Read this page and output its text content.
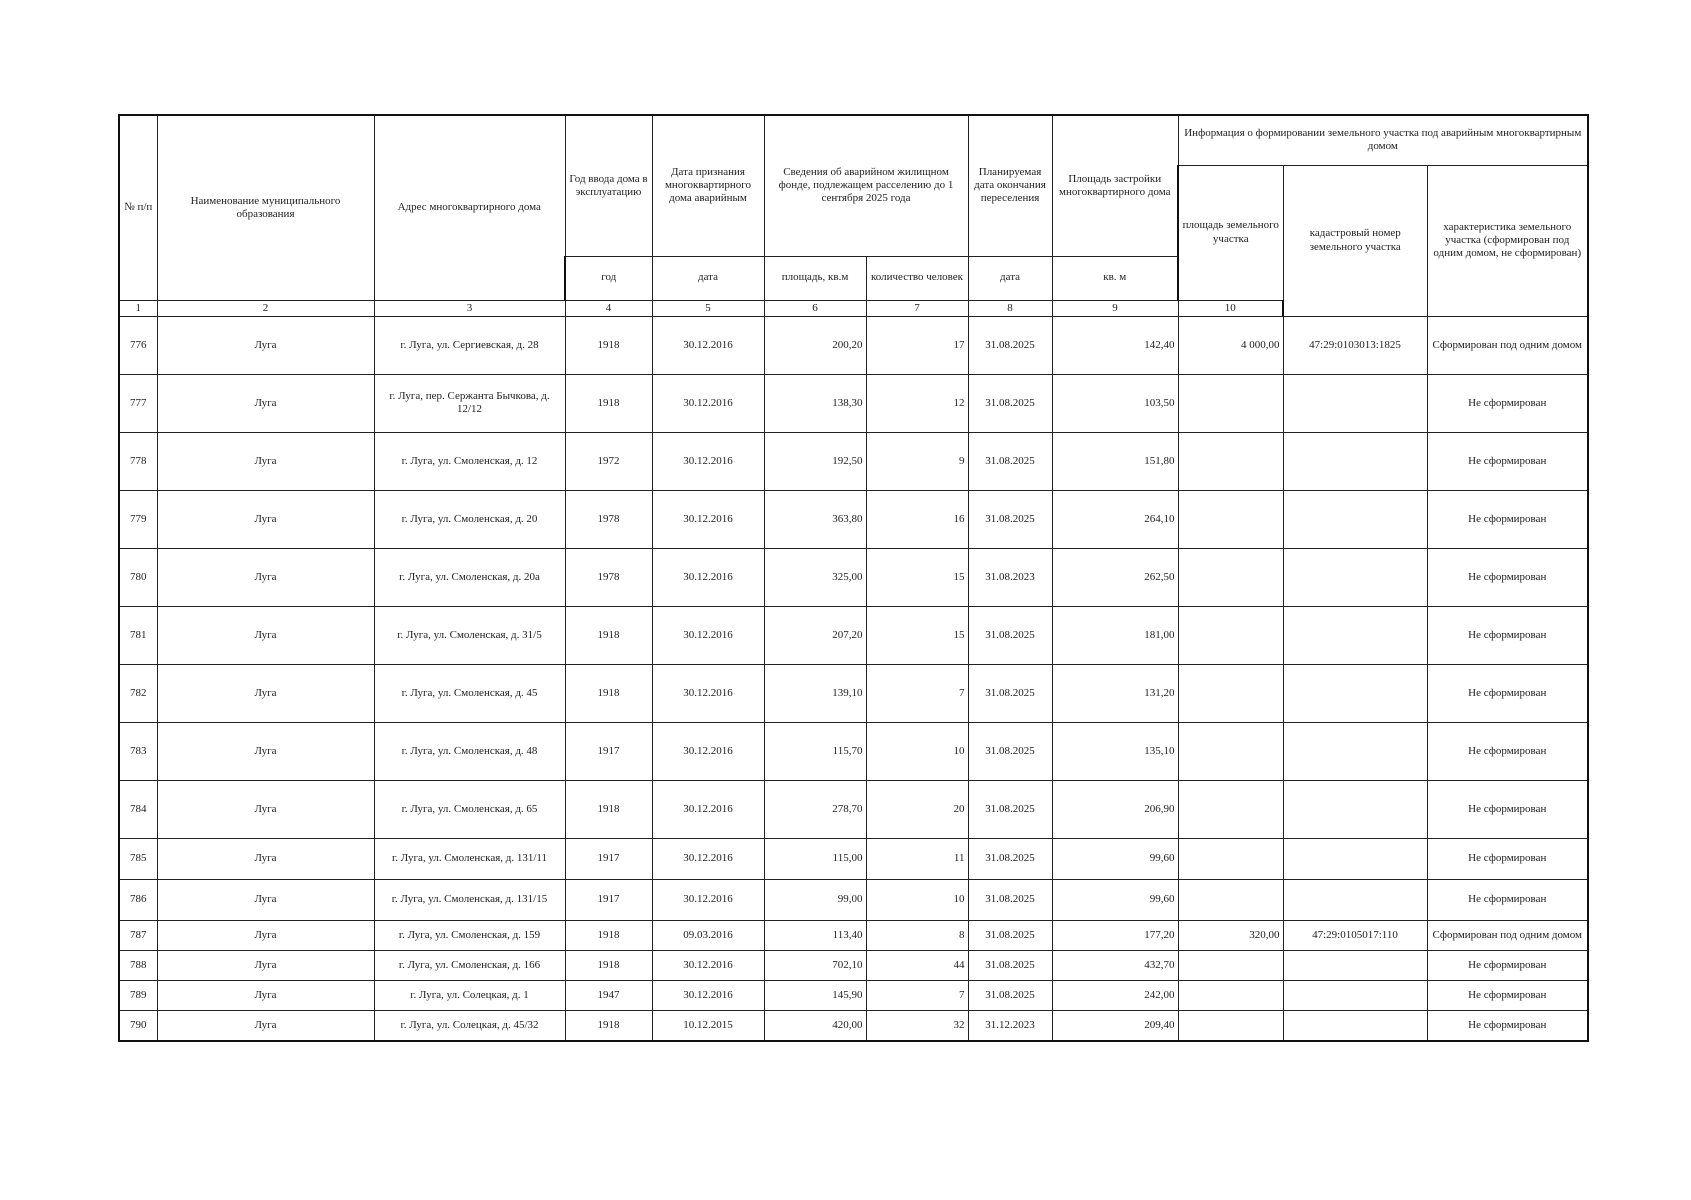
№ п/п	Наименование муниципального образования	Адрес многоквартирного дома	Год ввода дома в эксплуатацию	Дата признания многоквартирного дома аварийным	Сведения об аварийном жилищном фонде, подлежащем расселению до 1 сентября 2025 года		Планируемая дата окончания переселения	Площадь застройки многоквартирного дома	Информация о формировании земельного участка под аварийным многоквартирным домом		
									площадь земельного участка	кадастровый номер земельного участка	характеристика земельного участка (сформирован под одним домом, не сформирован)
			год	дата	площадь, кв.м	количество человек	дата	кв. м			
1	2	3	4	5	6	7	8	9	10		
776	Луга	г. Луга, ул. Сергиевская, д. 28	1918	30.12.2016	200,20	17	31.08.2025	142,40	4 000,00	47:29:0103013:1825	Сформирован под одним домом
777	Луга	г. Луга, пер. Сержанта Бычкова, д. 12/12	1918	30.12.2016	138,30	12	31.08.2025	103,50			Не сформирован
778	Луга	г. Луга, ул. Смоленская, д. 12	1972	30.12.2016	192,50	9	31.08.2025	151,80			Не сформирован
779	Луга	г. Луга, ул. Смоленская, д. 20	1978	30.12.2016	363,80	16	31.08.2025	264,10			Не сформирован
780	Луга	г. Луга, ул. Смоленская, д. 20а	1978	30.12.2016	325,00	15	31.08.2023	262,50			Не сформирован
781	Луга	г. Луга, ул. Смоленская, д. 31/5	1918	30.12.2016	207,20	15	31.08.2025	181,00			Не сформирован
782	Луга	г. Луга, ул. Смоленская, д. 45	1918	30.12.2016	139,10	7	31.08.2025	131,20			Не сформирован
783	Луга	г. Луга, ул. Смоленская, д. 48	1917	30.12.2016	115,70	10	31.08.2025	135,10			Не сформирован
784	Луга	г. Луга, ул. Смоленская, д. 65	1918	30.12.2016	278,70	20	31.08.2025	206,90			Не сформирован
785	Луга	г. Луга, ул. Смоленская, д. 131/11	1917	30.12.2016	115,00	11	31.08.2025	99,60			Не сформирован
786	Луга	г. Луга, ул. Смоленская, д. 131/15	1917	30.12.2016	99,00	10	31.08.2025	99,60			Не сформирован
787	Луга	г. Луга, ул. Смоленская, д. 159	1918	09.03.2016	113,40	8	31.08.2025	177,20	320,00	47:29:0105017:110	Сформирован под одним домом
788	Луга	г. Луга, ул. Смоленская, д. 166	1918	30.12.2016	702,10	44	31.08.2025	432,70			Не сформирован
789	Луга	г. Луга, ул. Солецкая, д. 1	1947	30.12.2016	145,90	7	31.08.2025	242,00			Не сформирован
790	Луга	г. Луга, ул. Солецкая, д. 45/32	1918	10.12.2015	420,00	32	31.12.2023	209,40			Не сформирован
